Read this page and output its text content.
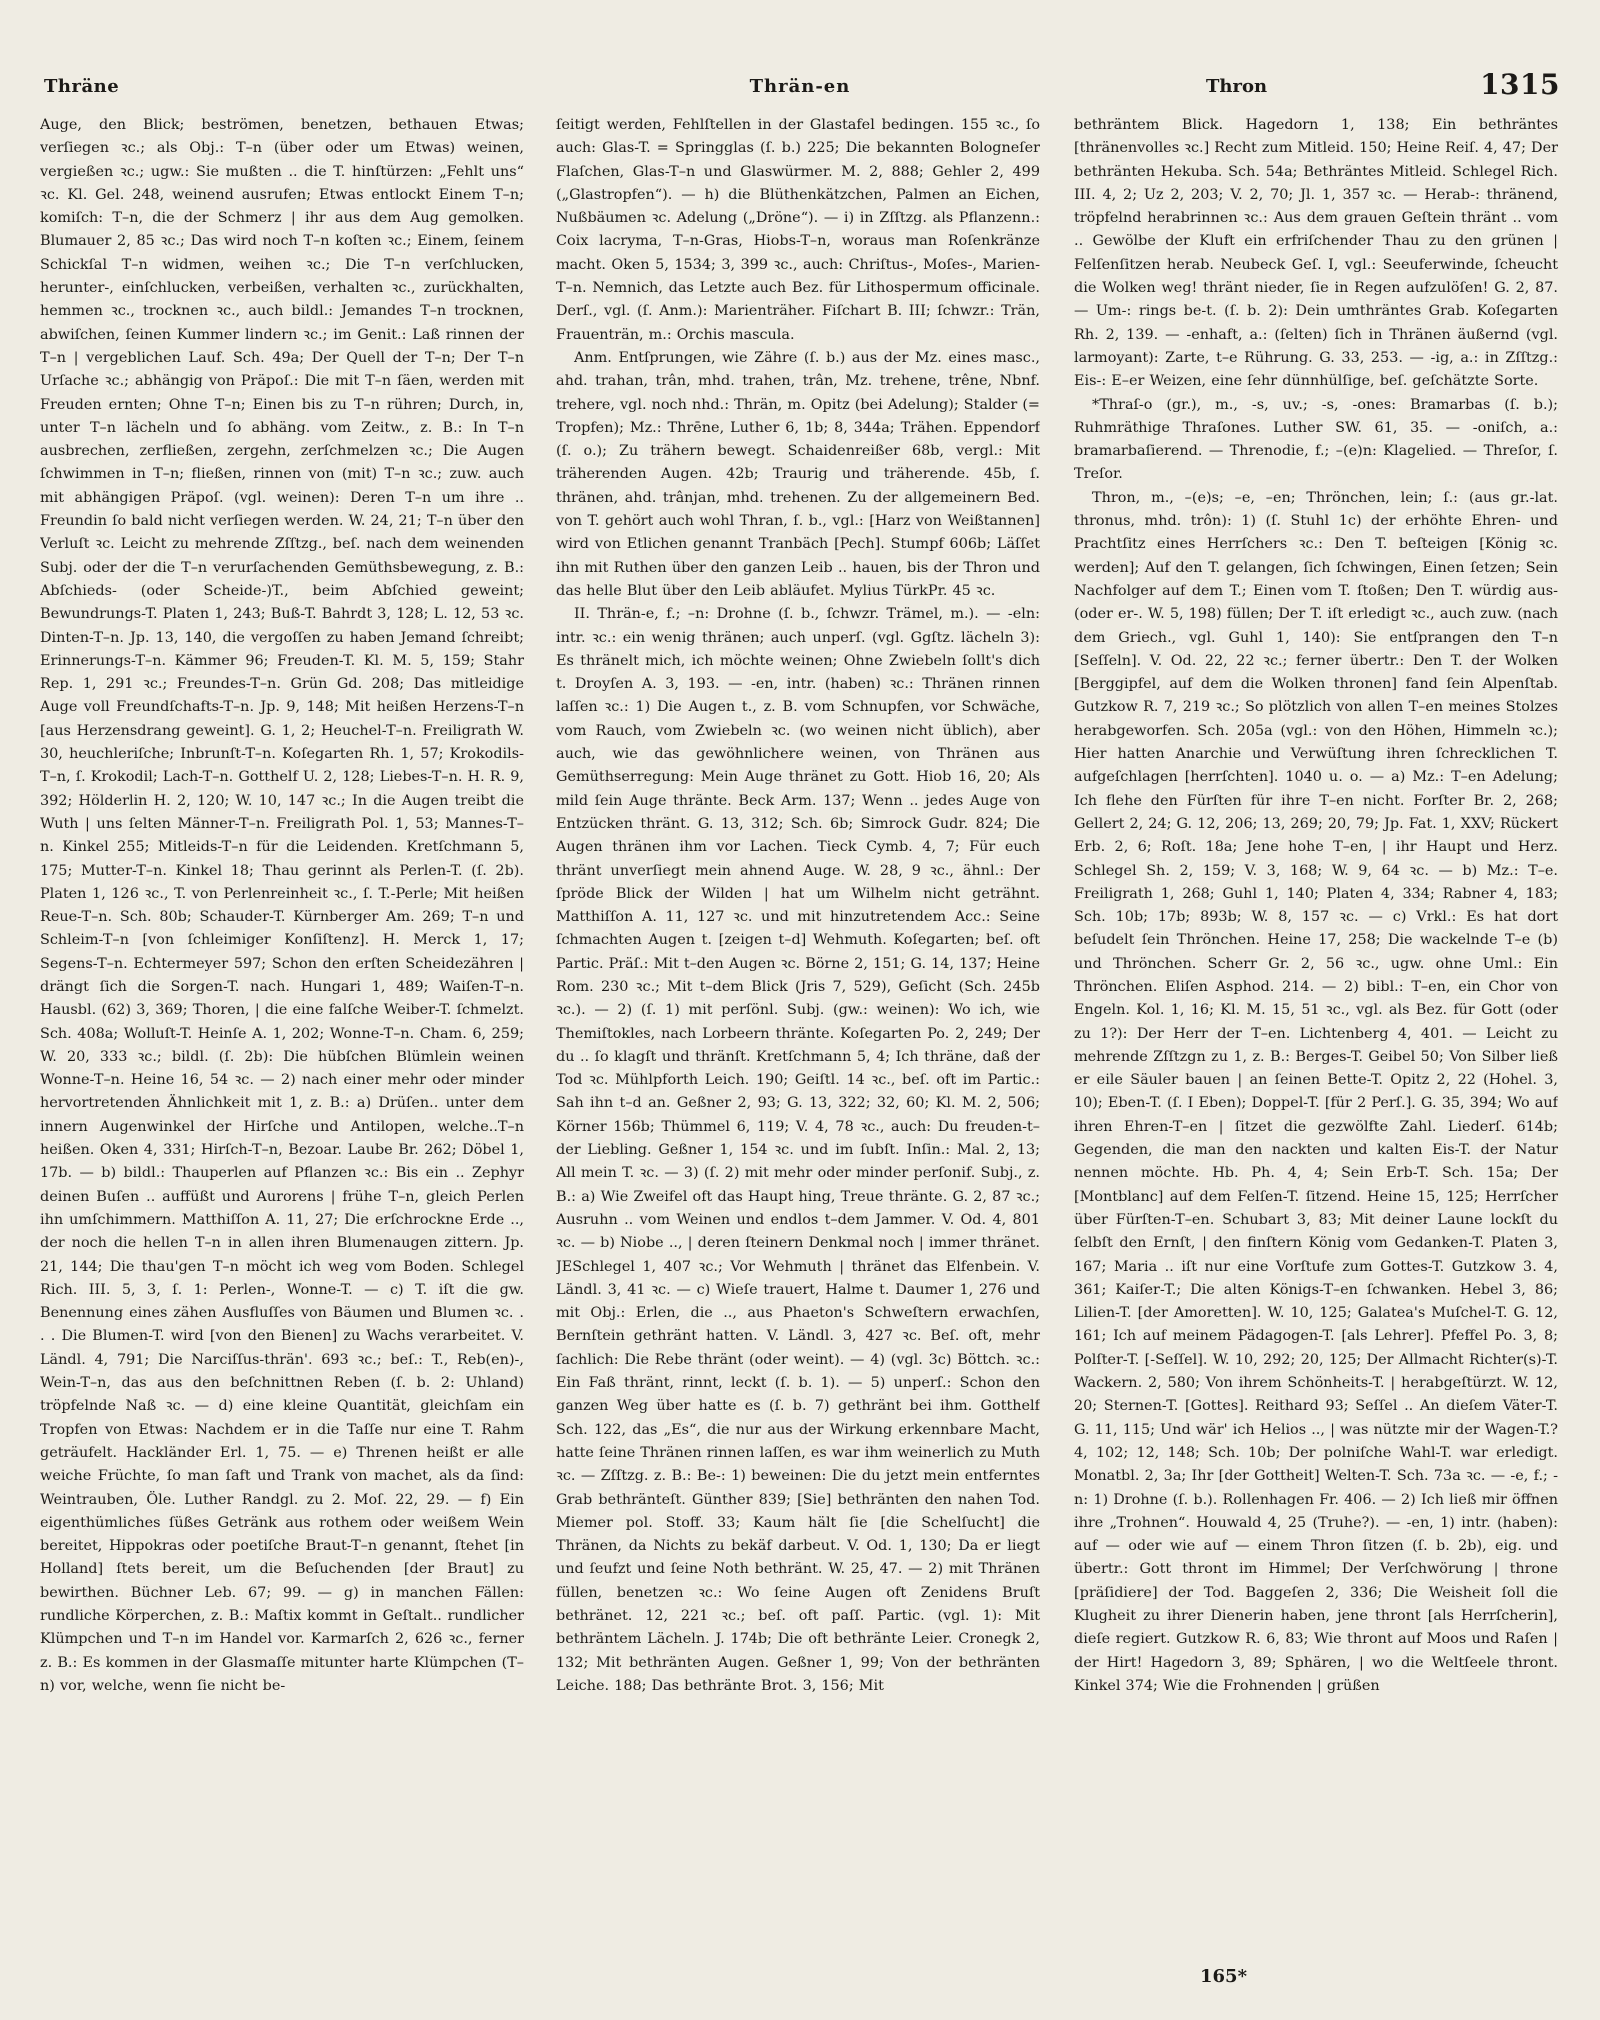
Thräne	Thrän-en	Thron	1315

Auge, den Blick; beströmen, benetzen, bethauen Etwas; verſiegen ꝛc.; als Obj.: T–n (über oder um Etwas) weinen, vergießen ꝛc.; ugw.: Sie mußten .. die T. hinſtürzen: „Fehlt uns“ ꝛc. Kl. Gel. 248, weinend ausrufen; Etwas entlockt Einem T–n; komiſch: T–n, die der Schmerz | ihr aus dem Aug gemolken. Blumauer 2, 85 ꝛc.; Das wird noch T–n koſten ꝛc.; Einem, ſeinem Schickſal T–n widmen, weihen ꝛc.; Die T–n verſchlucken, herunter-, einſchlucken, verbeißen, verhalten ꝛc., zurückhalten, hemmen ꝛc., trocknen ꝛc., auch bildl.: Jemandes T–n trocknen, abwiſchen, ſeinen Kummer lindern ꝛc.; im Genit.: Laß rinnen der T–n | vergeblichen Lauf. Sch. 49a; Der Quell der T–n; Der T–n Urſache ꝛc.; abhängig von Präpoſ.: Die mit T–n ſäen, werden mit Freuden ernten; Ohne T–n; Einen bis zu T–n rühren; Durch, in, unter T–n lächeln und ſo abhäng. vom Zeitw., z. B.: In T–n ausbrechen, zerfließen, zergehn, zerſchmelzen ꝛc.; Die Augen ſchwimmen in T–n; fließen, rinnen von (mit) T–n ꝛc.; zuw. auch mit abhängigen Präpoſ. (vgl. weinen): Deren T–n um ihre .. Freundin ſo bald nicht verſiegen werden. W. 24, 21; T–n über den Verluſt ꝛc. Leicht zu mehrende Zſſtzg., beſ. nach dem weinenden Subj. oder der die T–n verurſachenden Gemüthsbewegung, z. B.: Abſchieds- (oder Scheide-)T., beim Abſchied geweint; Bewundrungs-T. Platen 1, 243; Buß-T. Bahrdt 3, 128; L. 12, 53 ꝛc. Dinten-T–n. Jp. 13, 140, die vergoſſen zu haben Jemand ſchreibt; Erinnerungs-T–n. Kämmer 96; Freuden-T. Kl. M. 5, 159; Stahr Rep. 1, 291 ꝛc.; Freundes-T–n. Grün Gd. 208; Das mitleidige Auge voll Freundſchafts-T–n. Jp. 9, 148; Mit heißen Herzens-T–n [aus Herzensdrang geweint]. G. 1, 2; Heuchel-T–n. Freiligrath W. 30, heuchleriſche; Inbrunſt-T–n. Koſegarten Rh. 1, 57; Krokodils-T–n, ſ. Krokodil; Lach-T–n. Gotthelf U. 2, 128; Liebes-T–n. H. R. 9, 392; Hölderlin H. 2, 120; W. 10, 147 ꝛc.; In die Augen treibt die Wuth | uns ſelten Männer-T–n. Freiligrath Pol. 1, 53; Mannes-T–n. Kinkel 255; Mitleids-T–n für die Leidenden. Kretſchmann 5, 175; Mutter-T–n. Kinkel 18; Thau gerinnt als Perlen-T. (ſ. 2b). Platen 1, 126 ꝛc., T. von Perlenreinheit ꝛc., ſ. T.-Perle; Mit heißen Reue-T–n. Sch. 80b; Schauder-T. Kürnberger Am. 269; T–n und Schleim-T–n [von ſchleimiger Konſiſtenz]. H. Merck 1, 17; Segens-T–n. Echtermeyer 597; Schon den erſten Scheidezähren | drängt ſich die Sorgen-T. nach. Hungari 1, 489; Waiſen-T–n. Hausbl. (62) 3, 369; Thoren, | die eine falſche Weiber-T. ſchmelzt. Sch. 408a; Wolluſt-T. Heinſe A. 1, 202; Wonne-T–n. Cham. 6, 259; W. 20, 333 ꝛc.; bildl. (ſ. 2b): Die hübſchen Blümlein weinen Wonne-T–n. Heine 16, 54 ꝛc. — 2) nach einer mehr oder minder hervortretenden Ähnlichkeit mit 1, z. B.: a) Drüſen.. unter dem innern Augenwinkel der Hirſche und Antilopen, welche..T–n heißen. Oken 4, 331; Hirſch-T–n, Bezoar. Laube Br. 262; Döbel 1, 17b. — b) bildl.: Thauperlen auf Pflanzen ꝛc.: Bis ein .. Zephyr deinen Buſen .. auffüßt und Aurorens | frühe T–n, gleich Perlen ihn umſchimmern. Matthiſſon A. 11, 27; Die erſchrockne Erde .., der noch die hellen T–n in allen ihren Blumenaugen zittern. Jp. 21, 144; Die thau'gen T–n möcht ich weg vom Boden. Schlegel Rich. III. 5, 3, ſ. 1: Perlen-, Wonne-T. — c) T. iſt die gw. Benennung eines zähen Ausfluſſes von Bäumen und Blumen ꝛc. . . . Die Blumen-T. wird [von den Bienen] zu Wachs verarbeitet. V. Ländl. 4, 791; Die Narciſſus-thrän'. 693 ꝛc.; beſ.: T., Reb(en)-, Wein-T–n, das aus den beſchnittnen Reben (ſ. b. 2: Uhland) tröpfelnde Naß ꝛc. — d) eine kleine Quantität, gleichſam ein Tropfen von Etwas: Nachdem er in die Taſſe nur eine T. Rahm geträufelt. Hackländer Erl. 1, 75. — e) Threnen heißt er alle weiche Früchte, ſo man ſaft und Trank von machet, als da ſind: Weintrauben, Öle. Luther Randgl. zu 2. Moſ. 22, 29. — f) Ein eigenthümliches ſüßes Getränk aus rothem oder weißem Wein bereitet, Hippokras oder poetiſche Braut-T–n genannt, ſtehet [in Holland] ſtets bereit, um die Beſuchenden [der Braut] zu bewirthen. Büchner Leb. 67; 99. — g) in manchen Fällen: rundliche Körperchen, z. B.: Maſtix kommt in Geſtalt.. rundlicher Klümpchen und T–n im Handel vor. Karmarſch 2, 626 ꝛc., ferner z. B.: Es kommen in der Glasmaſſe mitunter harte Klümpchen (T–n) vor, welche, wenn ſie nicht be-

ſeitigt werden, Fehlſtellen in der Glastafel bedingen. 155 ꝛc., ſo auch: Glas-T. = Springglas (ſ. b.) 225; Die bekannten Bologneſer Flaſchen, Glas-T–n und Glaswürmer. M. 2, 888; Gehler 2, 499 („Glastropfen“). — h) die Blüthenkätzchen, Palmen an Eichen, Nußbäumen ꝛc. Adelung („Dröne“). — i) in Zſſtzg. als Pflanzenn.: Coix lacryma, T–n-Gras, Hiobs-T–n, woraus man Roſenkränze macht. Oken 5, 1534; 3, 399 ꝛc., auch: Chriſtus-, Moſes-, Marien-T–n. Nemnich, das Letzte auch Bez. für Lithospermum officinale. Derſ., vgl. (ſ. Anm.): Marienträher. Fiſchart B. III; ſchwzr.: Trän, Frauenträn, m.: Orchis mascula.

Anm. Entſprungen, wie Zähre (ſ. b.) aus der Mz. eines masc., ahd. trahan, trân, mhd. trahen, trân, Mz. trehene, trêne, Nbnf. trehere, vgl. noch nhd.: Thrän, m. Opitz (bei Adelung); Stalder (= Tropfen); Mz.: Thrēne, Luther 6, 1b; 8, 344a; Trähen. Eppendorf (ſ. o.); Zu trähern bewegt. Schaidenreißer 68b, vergl.: Mit träherenden Augen. 42b; Traurig und träherende. 45b, ſ. thränen, ahd. trânjan, mhd. trehenen. Zu der allgemeinern Bed. von T. gehört auch wohl Thran, ſ. b., vgl.: [Harz von Weißtannen] wird von Etlichen genannt Tranbäch [Pech]. Stumpf 606b; Läſſet ihn mit Ruthen über den ganzen Leib .. hauen, bis der Thron und das helle Blut über den Leib abläufet. Mylius TürkPr. 45 ꝛc.

II. Thrän-e, f.; –n: Drohne (ſ. b., ſchwzr. Trämel, m.). — -eln: intr. ꝛc.: ein wenig thränen; auch unperſ. (vgl. Ggſtz. lächeln 3): Es thränelt mich, ich möchte weinen; Ohne Zwiebeln ſollt's dich t. Droyſen A. 3, 193. — -en, intr. (haben) ꝛc.: Thränen rinnen laſſen ꝛc.: 1) Die Augen t., z. B. vom Schnupfen, vor Schwäche, vom Rauch, vom Zwiebeln ꝛc. (wo weinen nicht üblich), aber auch, wie das gewöhnlichere weinen, von Thränen aus Gemüthserregung: Mein Auge thränet zu Gott. Hiob 16, 20; Als mild ſein Auge thränte. Beck Arm. 137; Wenn .. jedes Auge von Entzücken thränt. G. 13, 312; Sch. 6b; Simrock Gudr. 824; Die Augen thränen ihm vor Lachen. Tieck Cymb. 4, 7; Für euch thränt unverſiegt mein ahnend Auge. W. 28, 9 ꝛc., ähnl.: Der ſpröde Blick der Wilden | hat um Wilhelm nicht geträhnt. Matthiſſon A. 11, 127 ꝛc. und mit hinzutretendem Acc.: Seine ſchmachten Augen t. [zeigen t–d] Wehmuth. Koſegarten; beſ. oft Partic. Präſ.: Mit t–den Augen ꝛc. Börne 2, 151; G. 14, 137; Heine Rom. 230 ꝛc.; Mit t–dem Blick (Jris 7, 529), Geſicht (Sch. 245b ꝛc.). — 2) (ſ. 1) mit perſönl. Subj. (gw.: weinen): Wo ich, wie Themiſtokles, nach Lorbeern thränte. Koſegarten Po. 2, 249; Der du .. ſo klagſt und thränſt. Kretſchmann 5, 4; Ich thräne, daß der Tod ꝛc. Mühlpforth Leich. 190; Geiſtl. 14 ꝛc., beſ. oft im Partic.: Sah ihn t–d an. Geßner 2, 93; G. 13, 322; 32, 60; Kl. M. 2, 506; Körner 156b; Thümmel 6, 119; V. 4, 78 ꝛc., auch: Du freuden-t–der Liebling. Geßner 1, 154 ꝛc. und im ſubſt. Inſin.: Mal. 2, 13; All mein T. ꝛc. — 3) (ſ. 2) mit mehr oder minder perſonif. Subj., z. B.: a) Wie Zweifel oft das Haupt hing, Treue thränte. G. 2, 87 ꝛc.; Ausruhn .. vom Weinen und endlos t–dem Jammer. V. Od. 4, 801 ꝛc. — b) Niobe .., | deren ſteinern Denkmal noch | immer thränet. JESchlegel 1, 407 ꝛc.; Vor Wehmuth | thränet das Elfenbein. V. Ländl. 3, 41 ꝛc. — c) Wieſe trauert, Halme t. Daumer 1, 276 und mit Obj.: Erlen, die .., aus Phaeton's Schweſtern erwachſen, Bernſtein gethränt hatten. V. Ländl. 3, 427 ꝛc. Beſ. oft, mehr ſachlich: Die Rebe thränt (oder weint). — 4) (vgl. 3c) Böttch. ꝛc.: Ein Faß thränt, rinnt, leckt (ſ. b. 1). — 5) unperſ.: Schon den ganzen Weg über hatte es (ſ. b. 7) gethränt bei ihm. Gotthelf Sch. 122, das „Es“, die nur aus der Wirkung erkennbare Macht, hatte ſeine Thränen rinnen laſſen, es war ihm weinerlich zu Muth ꝛc. — Zſſtzg. z. B.: Be-: 1) beweinen: Die du jetzt mein entferntes Grab bethränteſt. Günther 839; [Sie] bethränten den nahen Tod. Miemer pol. Stoff. 33; Kaum hält ſie [die Schelſucht] die Thränen, da Nichts zu bekäf darbeut. V. Od. 1, 130; Da er liegt und ſeufzt und ſeine Noth bethränt. W. 25, 47. — 2) mit Thränen füllen, benetzen ꝛc.: Wo ſeine Augen oft Zenidens Bruſt bethränet. 12, 221 ꝛc.; beſ. oft paſſ. Partic. (vgl. 1): Mit bethräntem Lächeln. J. 174b; Die oft bethränte Leier. Cronegk 2, 132; Mit bethränten Augen. Geßner 1, 99; Von der bethränten Leiche. 188; Das bethränte Brot. 3, 156; Mit

bethräntem Blick. Hagedorn 1, 138; Ein bethräntes [thränenvolles ꝛc.] Recht zum Mitleid. 150; Heine Reiſ. 4, 47; Der bethränten Hekuba. Sch. 54a; Bethräntes Mitleid. Schlegel Rich. III. 4, 2; Uz 2, 203; V. 2, 70; Jl. 1, 357 ꝛc. — Herab-: thränend, tröpfelnd herabrinnen ꝛc.: Aus dem grauen Geſtein thränt .. vom .. Gewölbe der Kluft ein erfriſchender Thau zu den grünen | Felſenſitzen herab. Neubeck Geſ. I, vgl.: Seeuferwinde, ſcheucht die Wolken weg! thränt nieder, ſie in Regen aufzulöſen! G. 2, 87. — Um-: rings be-t. (ſ. b. 2): Dein umthräntes Grab. Koſegarten Rh. 2, 139. — -enhaft, a.: (ſelten) ſich in Thränen äußernd (vgl. larmoyant): Zarte, t–e Rührung. G. 33, 253. — -ig, a.: in Zſſtzg.: Eis-: E–er Weizen, eine ſehr dünnhülſige, beſ. geſchätzte Sorte.

*Thraſ-o (gr.), m., -s, uv.; -s, -ones: Bramarbas (ſ. b.); Ruhmräthige Thraſones. Luther SW. 61, 35. — -oniſch, a.: bramarbaſierend. — Threnodie, f.; –(e)n: Klagelied. — Threſor, ſ. Treſor.

Thron, m., –(e)s; –e, –en; Thrönchen, lein; ſ.: (aus gr.-lat. thronus, mhd. trôn): 1) (ſ. Stuhl 1c) der erhöhte Ehren- und Prachtſitz eines Herrſchers ꝛc.: Den T. beſteigen [König ꝛc. werden]; Auf den T. gelangen, ſich ſchwingen, Einen ſetzen; Sein Nachfolger auf dem T.; Einen vom T. ſtoßen; Den T. würdig aus- (oder er-. W. 5, 198) füllen; Der T. iſt erledigt ꝛc., auch zuw. (nach dem Griech., vgl. Guhl 1, 140): Sie entſprangen den T–n [Seſſeln]. V. Od. 22, 22 ꝛc.; ferner übertr.: Den T. der Wolken [Berggipfel, auf dem die Wolken thronen] fand ſein Alpenſtab. Gutzkow R. 7, 219 ꝛc.; So plötzlich von allen T–en meines Stolzes herabgeworfen. Sch. 205a (vgl.: von den Höhen, Himmeln ꝛc.); Hier hatten Anarchie und Verwüſtung ihren ſchrecklichen T. aufgeſchlagen [herrſchten]. 1040 u. o. — a) Mz.: T–en Adelung; Ich flehe den Fürſten für ihre T–en nicht. Forſter Br. 2, 268; Gellert 2, 24; G. 12, 206; 13, 269; 20, 79; Jp. Fat. 1, XXV; Rückert Erb. 2, 6; Roſt. 18a; Jene hohe T–en, | ihr Haupt und Herz. Schlegel Sh. 2, 159; V. 3, 168; W. 9, 64 ꝛc. — b) Mz.: T–e. Freiligrath 1, 268; Guhl 1, 140; Platen 4, 334; Rabner 4, 183; Sch. 10b; 17b; 893b; W. 8, 157 ꝛc. — c) Vrkl.: Es hat dort beſudelt ſein Thrönchen. Heine 17, 258; Die wackelnde T–e (b) und Thrönchen. Scherr Gr. 2, 56 ꝛc., ugw. ohne Uml.: Ein Thrönchen. Eliſen Asphod. 214. — 2) bibl.: T–en, ein Chor von Engeln. Kol. 1, 16; Kl. M. 15, 51 ꝛc., vgl. als Bez. für Gott (oder zu 1?): Der Herr der T–en. Lichtenberg 4, 401. — Leicht zu mehrende Zſſtzgn zu 1, z. B.: Berges-T. Geibel 50; Von Silber ließ er eile Säuler bauen | an ſeinen Bette-T. Opitz 2, 22 (Hohel. 3, 10); Eben-T. (ſ. I Eben); Doppel-T. [für 2 Perſ.]. G. 35, 394; Wo auf ihren Ehren-T–en | ſitzet die gezwölfte Zahl. Liederſ. 614b; Gegenden, die man den nackten und kalten Eis-T. der Natur nennen möchte. Hb. Ph. 4, 4; Sein Erb-T. Sch. 15a; Der [Montblanc] auf dem Felſen-T. ſitzend. Heine 15, 125; Herrſcher über Fürſten-T–en. Schubart 3, 83; Mit deiner Laune lockſt du ſelbſt den Ernſt, | den finſtern König vom Gedanken-T. Platen 3, 167; Maria .. iſt nur eine Vorſtufe zum Gottes-T. Gutzkow 3. 4, 361; Kaiſer-T.; Die alten Königs-T–en ſchwanken. Hebel 3, 86; Lilien-T. [der Amoretten]. W. 10, 125; Galatea's Muſchel-T. G. 12, 161; Ich auf meinem Pädagogen-T. [als Lehrer]. Pfeffel Po. 3, 8; Polſter-T. [-Seſſel]. W. 10, 292; 20, 125; Der Allmacht Richter(s)-T. Wackern. 2, 580; Von ihrem Schönheits-T. | herabgeſtürzt. W. 12, 20; Sternen-T. [Gottes]. Reithard 93; Seſſel .. An dieſem Väter-T. G. 11, 115; Und wär' ich Helios .., | was nützte mir der Wagen-T.? 4, 102; 12, 148; Sch. 10b; Der polniſche Wahl-T. war erledigt. Monatbl. 2, 3a; Ihr [der Gottheit] Welten-T. Sch. 73a ꝛc. — -e, f.; -n: 1) Drohne (ſ. b.). Rollenhagen Fr. 406. — 2) Ich ließ mir öffnen ihre „Trohnen“. Houwald 4, 25 (Truhe?). — -en, 1) intr. (haben): auf — oder wie auf — einem Thron ſitzen (ſ. b. 2b), eig. und übertr.: Gott thront im Himmel; Der Verſchwörung | throne [präſidiere] der Tod. Baggeſen 2, 336; Die Weisheit ſoll die Klugheit zu ihrer Dienerin haben, jene thront [als Herrſcherin], dieſe regiert. Gutzkow R. 6, 83; Wie thront auf Moos und Raſen | der Hirt! Hagedorn 3, 89; Sphären, | wo die Weltſeele thront. Kinkel 374; Wie die Frohnenden | grüßen

165*
